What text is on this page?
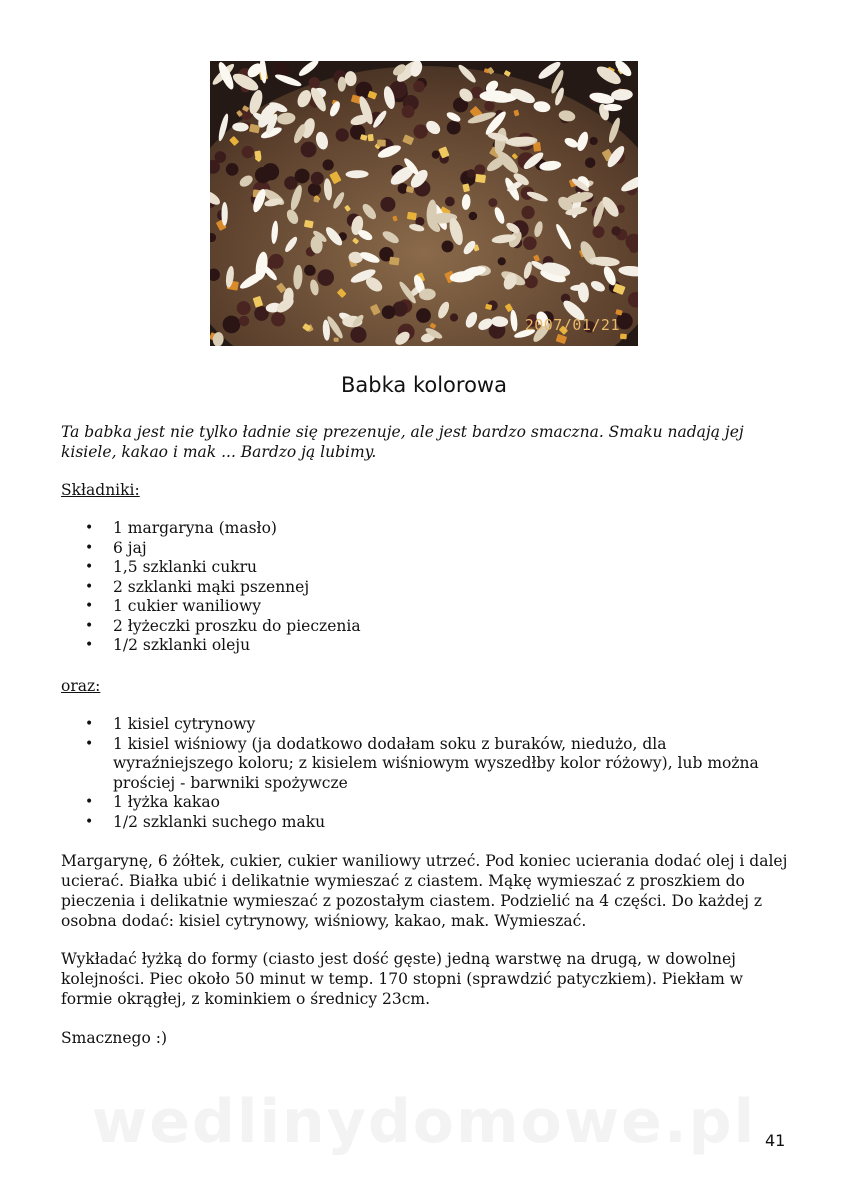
2007/01/21
Babka kolorowa

Ta babka jest nie tylko ładnie się prezenuje, ale jest bardzo smaczna. Smaku nadają jej kisiele, kakao i mak ... Bardzo ją lubimy.

Składniki:

• 1 margaryna (masło)
• 6 jaj
• 1,5 szklanki cukru
• 2 szklanki mąki pszennej
• 1 cukier waniliowy
• 2 łyżeczki proszku do pieczenia
• 1/2 szklanki oleju

oraz:

• 1 kisiel cytrynowy
• 1 kisiel wiśniowy (ja dodatkowo dodałam soku z buraków, niedużo, dla wyraźniejszego koloru; z kisielem wiśniowym wyszedłby kolor różowy), lub można prościej - barwniki spożywcze
• 1 łyżka kakao
• 1/2 szklanki suchego maku

Margarynę, 6 żółtek, cukier, cukier waniliowy utrzeć. Pod koniec ucierania dodać olej i dalej ucierać. Białka ubić i delikatnie wymieszać z ciastem. Mąkę wymieszać z proszkiem do pieczenia i delikatnie wymieszać z pozostałym ciastem. Podzielić na 4 części. Do każdej z osobna dodać: kisiel cytrynowy, wiśniowy, kakao, mak. Wymieszać.

Wykładać łyżką do formy (ciasto jest dość gęste) jedną warstwę na drugą, w dowolnej kolejności. Piec około 50 minut w temp. 170 stopni (sprawdzić patyczkiem). Piekłam w formie okrągłej, z kominkiem o średnicy 23cm.

Smacznego :)

wedlinydomowe.pl 41
